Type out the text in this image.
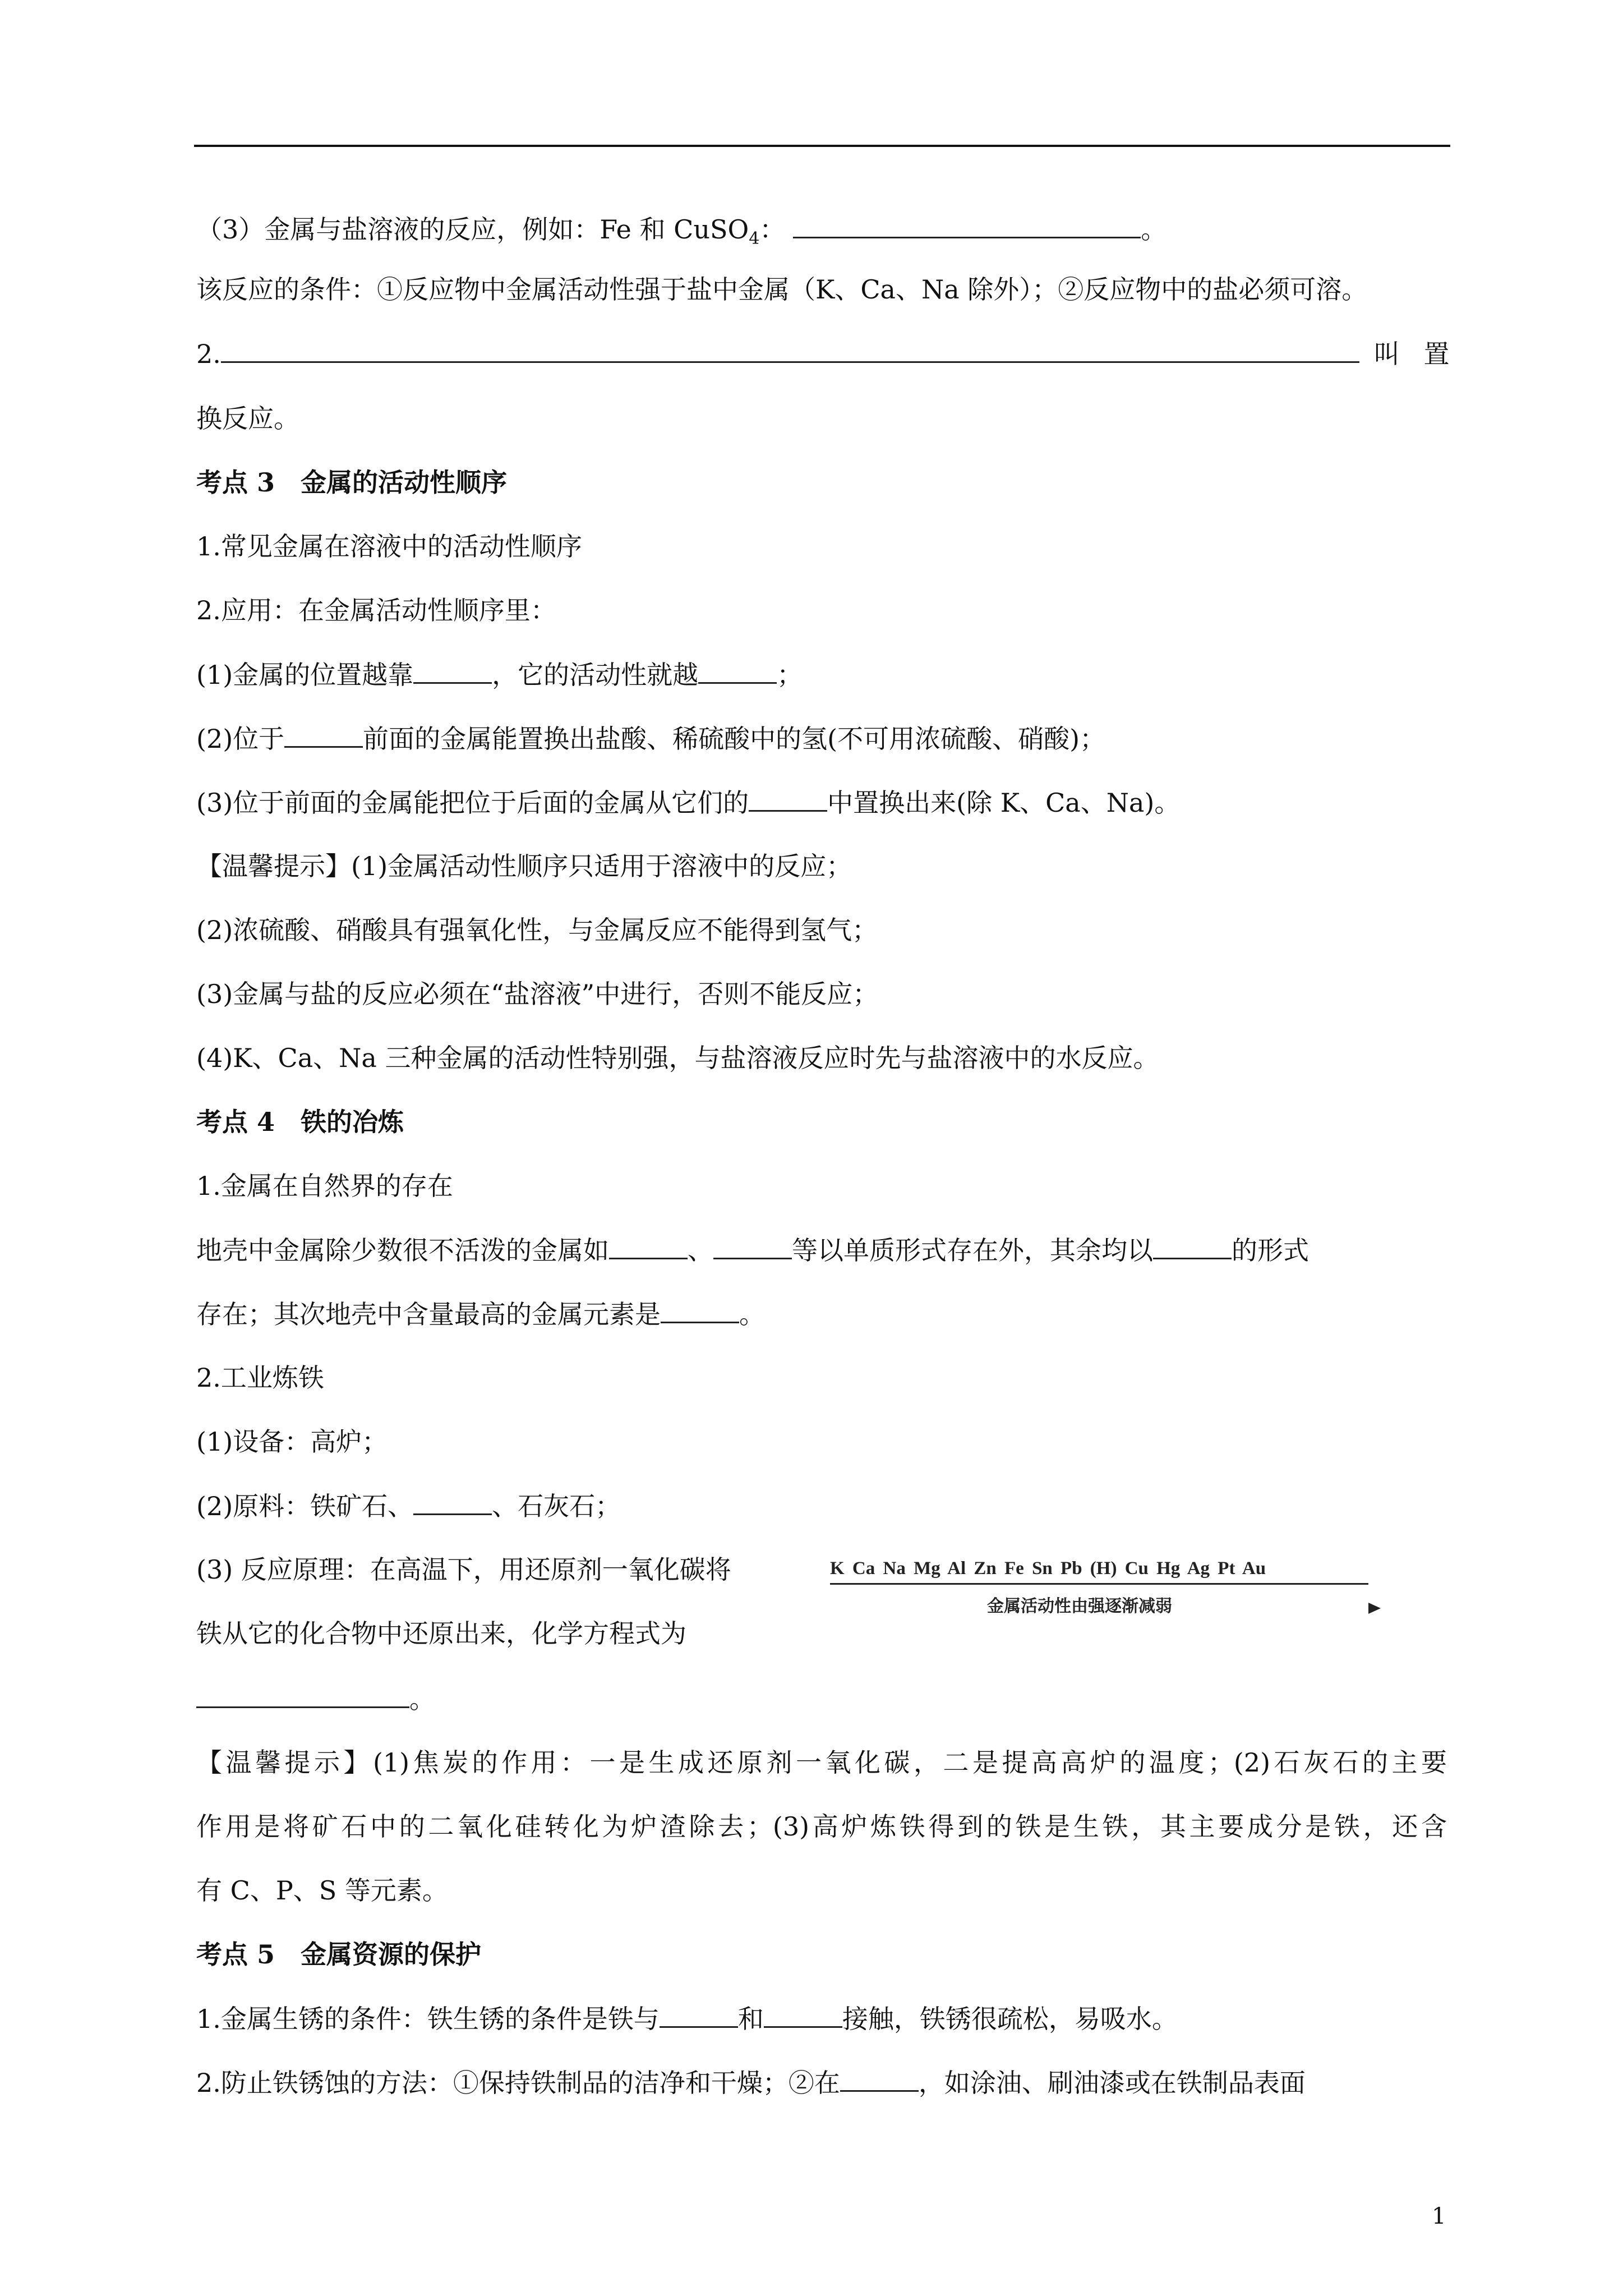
（3）金属与盐溶液的反应，例如：Fe 和 CuSO$_4$：	。
该反应的条件：①反应物中金属活动性强于盐中金属（K、Ca、Na 除外）；②反应物中的盐必须可溶。
2.	叫 置
换反应。
考点 3　金属的活动性顺序
1.常见金属在溶液中的活动性顺序
2.应用：在金属活动性顺序里：
(1)金属的位置越靠	，它的活动性就越	；
(2)位于	前面的金属能置换出盐酸、稀硫酸中的氢(不可用浓硫酸、硝酸)；
(3)位于前面的金属能把位于后面的金属从它们的	中置换出来(除 K、Ca、Na)。
【温馨提示】(1)金属活动性顺序只适用于溶液中的反应；
(2)浓硫酸、硝酸具有强氧化性，与金属反应不能得到氢气；
(3)金属与盐的反应必须在“盐溶液”中进行，否则不能反应；
(4)K、Ca、Na 三种金属的活动性特别强，与盐溶液反应时先与盐溶液中的水反应。
考点 4　铁的冶炼
1.金属在自然界的存在
地壳中金属除少数很不活泼的金属如	、	等以单质形式存在外，其余均以	的形式
存在；其次地壳中含量最高的金属元素是	。
2.工业炼铁
(1)设备：高炉；
(2)原料：铁矿石、	、石灰石；
(3) 反应原理：在高温下，用还原剂一氧化碳将
铁从它的化合物中还原出来，化学方程式为
。
K Ca Na Mg Al Zn Fe Sn Pb (H) Cu Hg Ag Pt Au
金属活动性由强逐渐减弱
【温馨提示】(1)焦炭的作用：一是生成还原剂一氧化碳，二是提高高炉的温度；(2)石灰石的主要
作用是将矿石中的二氧化硅转化为炉渣除去；(3)高炉炼铁得到的铁是生铁，其主要成分是铁，还含
有 C、P、S 等元素。
考点 5　金属资源的保护
1.金属生锈的条件：铁生锈的条件是铁与	和	接触，铁锈很疏松，易吸水。
2.防止铁锈蚀的方法：①保持铁制品的洁净和干燥；②在	，如涂油、刷油漆或在铁制品表面
1
